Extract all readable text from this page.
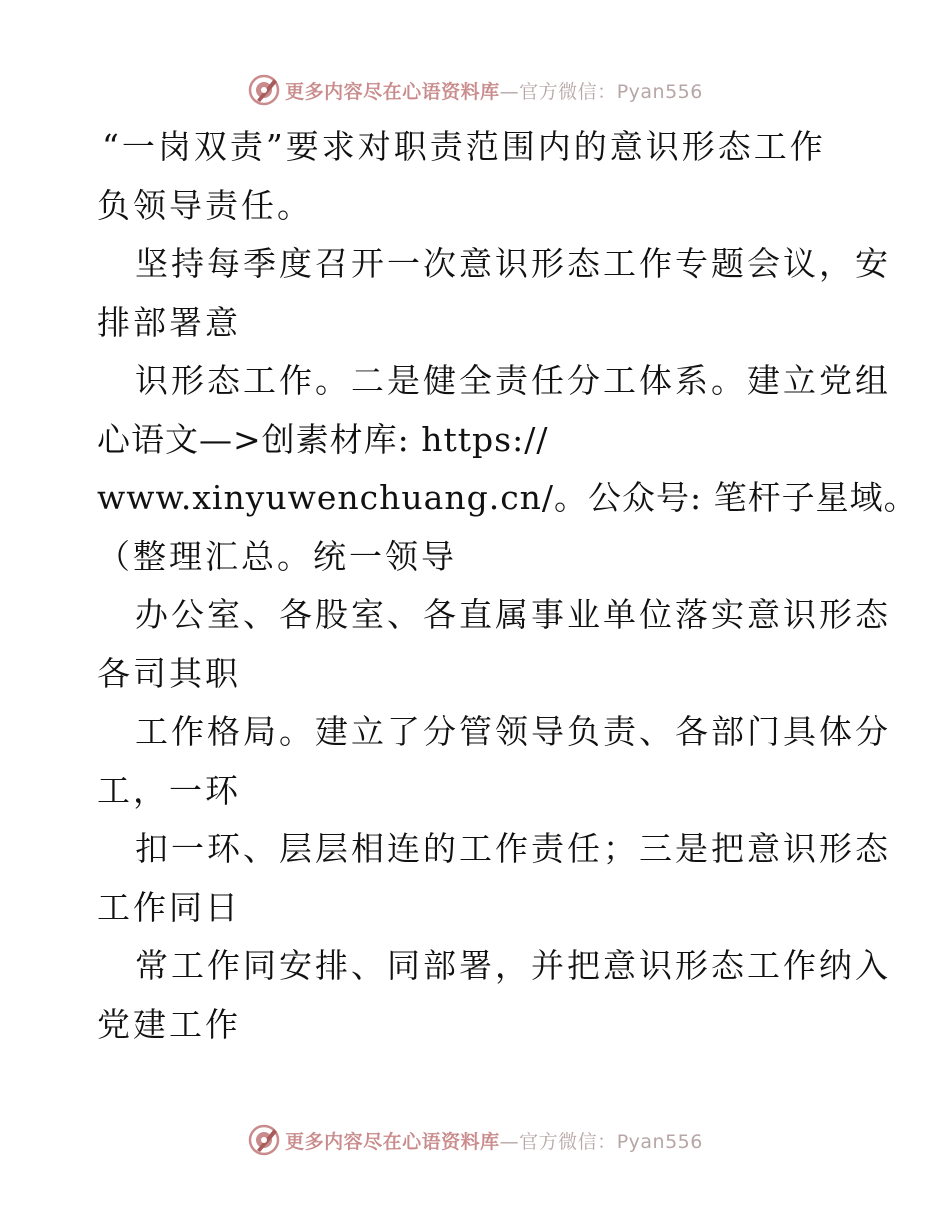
更多内容尽在心语资料库—官方微信：Pyan556
“一岗双责”要求对职责范围内的意识形态工作
负领导责任。
坚持每季度召开一次意识形态工作专题会议，安
排部署意
识形态工作。二是健全责任分工体系。建立党组
心语文—>创素材库: https://
www.xinyuwenchuang.cn/。公众号: 笔杆子星域。
（整理汇总。统一领导
办公室、各股室、各直属事业单位落实意识形态
各司其职
工作格局。建立了分管领导负责、各部门具体分
工，一环
扣一环、层层相连的工作责任；三是把意识形态
工作同日
常工作同安排、同部署，并把意识形态工作纳入
党建工作
更多内容尽在心语资料库—官方微信：Pyan556
